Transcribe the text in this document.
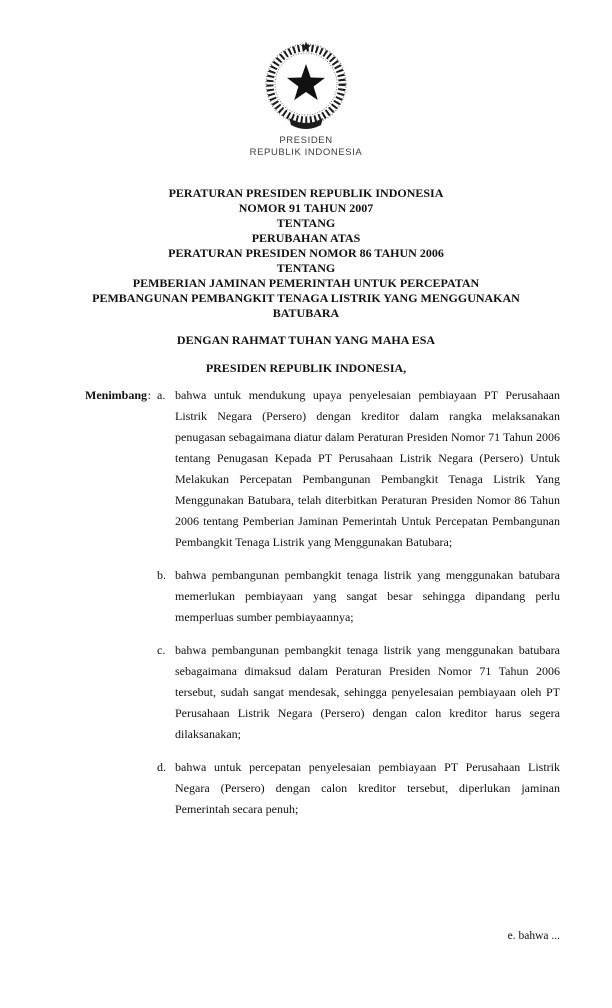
PRESIDEN
REPUBLIK INDONESIA
PERATURAN PRESIDEN REPUBLIK INDONESIA
NOMOR 91 TAHUN 2007
TENTANG
PERUBAHAN ATAS
PERATURAN PRESIDEN NOMOR 86 TAHUN 2006
TENTANG
PEMBERIAN JAMINAN PEMERINTAH UNTUK PERCEPATAN
PEMBANGUNAN PEMBANGKIT TENAGA LISTRIK YANG MENGGUNAKAN
BATUBARA
DENGAN RAHMAT TUHAN YANG MAHA ESA
PRESIDEN REPUBLIK INDONESIA,
Menimbang : a. bahwa untuk mendukung upaya penyelesaian pembiayaan PT Perusahaan Listrik Negara (Persero) dengan kreditor dalam rangka melaksanakan penugasan sebagaimana diatur dalam Peraturan Presiden Nomor 71 Tahun 2006 tentang Penugasan Kepada PT Perusahaan Listrik Negara (Persero) Untuk Melakukan Percepatan Pembangunan Pembangkit Tenaga Listrik Yang Menggunakan Batubara, telah diterbitkan Peraturan Presiden Nomor 86 Tahun 2006 tentang Pemberian Jaminan Pemerintah Untuk Percepatan Pembangunan Pembangkit Tenaga Listrik yang Menggunakan Batubara;
b. bahwa pembangunan pembangkit tenaga listrik yang menggunakan batubara memerlukan pembiayaan yang sangat besar sehingga dipandang perlu memperluas sumber pembiayaannya;
c. bahwa pembangunan pembangkit tenaga listrik yang menggunakan batubara sebagaimana dimaksud dalam Peraturan Presiden Nomor 71 Tahun 2006 tersebut, sudah sangat mendesak, sehingga penyelesaian pembiayaan oleh PT Perusahaan Listrik Negara (Persero) dengan calon kreditor harus segera dilaksanakan;
d. bahwa untuk percepatan penyelesaian pembiayaan PT Perusahaan Listrik Negara (Persero) dengan calon kreditor tersebut, diperlukan jaminan Pemerintah secara penuh;
e. bahwa ...
